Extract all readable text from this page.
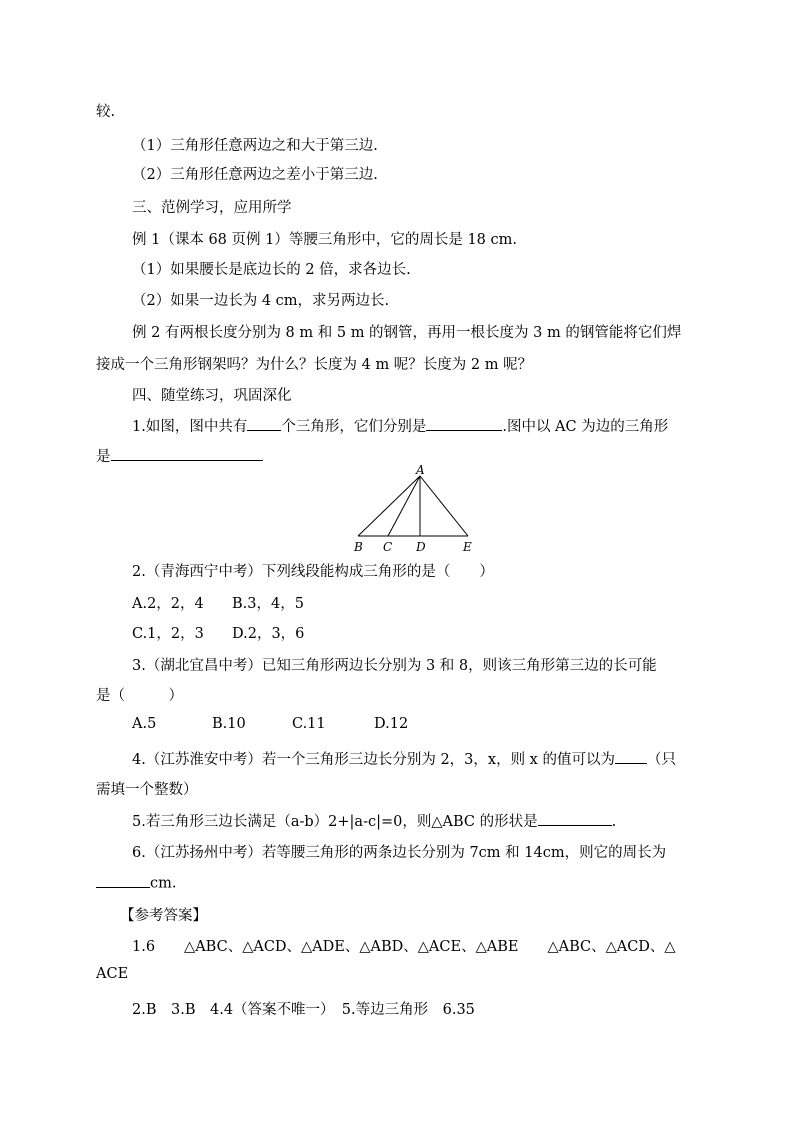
较.
（1）三角形任意两边之和大于第三边.
（2）三角形任意两边之差小于第三边.
三、范例学习，应用所学
例 1（课本 68 页例 1）等腰三角形中，它的周长是 18 cm.
（1）如果腰长是底边长的 2 倍，求各边长.
（2）如果一边长为 4 cm，求另两边长.
例 2 有两根长度分别为 8 m 和 5 m 的钢管，再用一根长度为 3 m 的钢管能将它们焊
接成一个三角形钢架吗？为什么？长度为 4 m 呢？长度为 2 m 呢？
四、随堂练习，巩固深化
1.如图，图中共有 个三角形，它们分别是	.图中以 AC 为边的三角形
是
A
B C D	E
2.（青海西宁中考）下列线段能构成三角形的是（　　）
A.2，2，4 B.3，4，5
C.1，2，3 D.2，3，6
3.（湖北宜昌中考）已知三角形两边长分别为 3 和 8，则该三角形第三边的长可能
是（　　　）
A.5	B.10	C.11	D.12
4.（江苏淮安中考）若一个三角形三边长分别为 2，3，x，则 x 的值可以为 （只
需填一个整数）
5.若三角形三边长满足（a-b）2+|a-c|=0，则△ABC 的形状是	.
6.（江苏扬州中考）若等腰三角形的两条边长分别为 7cm 和 14cm，则它的周长为
cm.
【参考答案】
1.6　　△ABC、△ACD、△ADE、△ABD、△ACE、△ABE　　△ABC、△ACD、△
ACE
2.B　3.B　4.4（答案不唯一）　5.等边三角形　6.35
